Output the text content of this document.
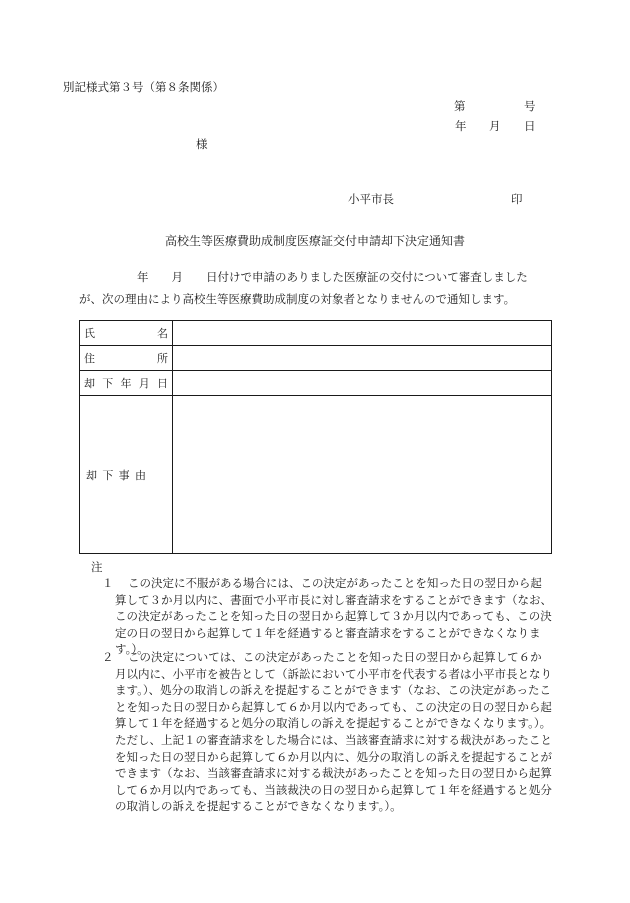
別記様式第３号（第８条関係）
第	号
年 月 日
様
小平市長	印
高校生等医療費助成制度医療証交付申請却下決定通知書
年　　月　　日付けで申請のありました医療証の交付について審査しました
が、次の理由により高校生等医療費助成制度の対象者となりませんので通知します。
氏 名	

住 所	

却 下 年 月 日	

却 下 事 由	

注
１	この決定に不服がある場合には、この決定があったことを知った日の翌日から起算して３か月以内に、書面で小平市長に対し審査請求をすることができます（なお、この決定があったことを知った日の翌日から起算して３か月以内であっても、この決定の日の翌日から起算して１年を経過すると審査請求をすることができなくなります。）。
２	この決定については、この決定があったことを知った日の翌日から起算して６か月以内に、小平市を被告として（訴訟において小平市を代表する者は小平市長となります。）、処分の取消しの訴えを提起することができます（なお、この決定があったことを知った日の翌日から起算して６か月以内であっても、この決定の日の翌日から起算して１年を経過すると処分の取消しの訴えを提起することができなくなります。）。ただし、上記１の審査請求をした場合には、当該審査請求に対する裁決があったことを知った日の翌日から起算して６か月以内に、処分の取消しの訴えを提起することができます（なお、当該審査請求に対する裁決があったことを知った日の翌日から起算して６か月以内であっても、当該裁決の日の翌日から起算して１年を経過すると処分の取消しの訴えを提起することができなくなります。）。
